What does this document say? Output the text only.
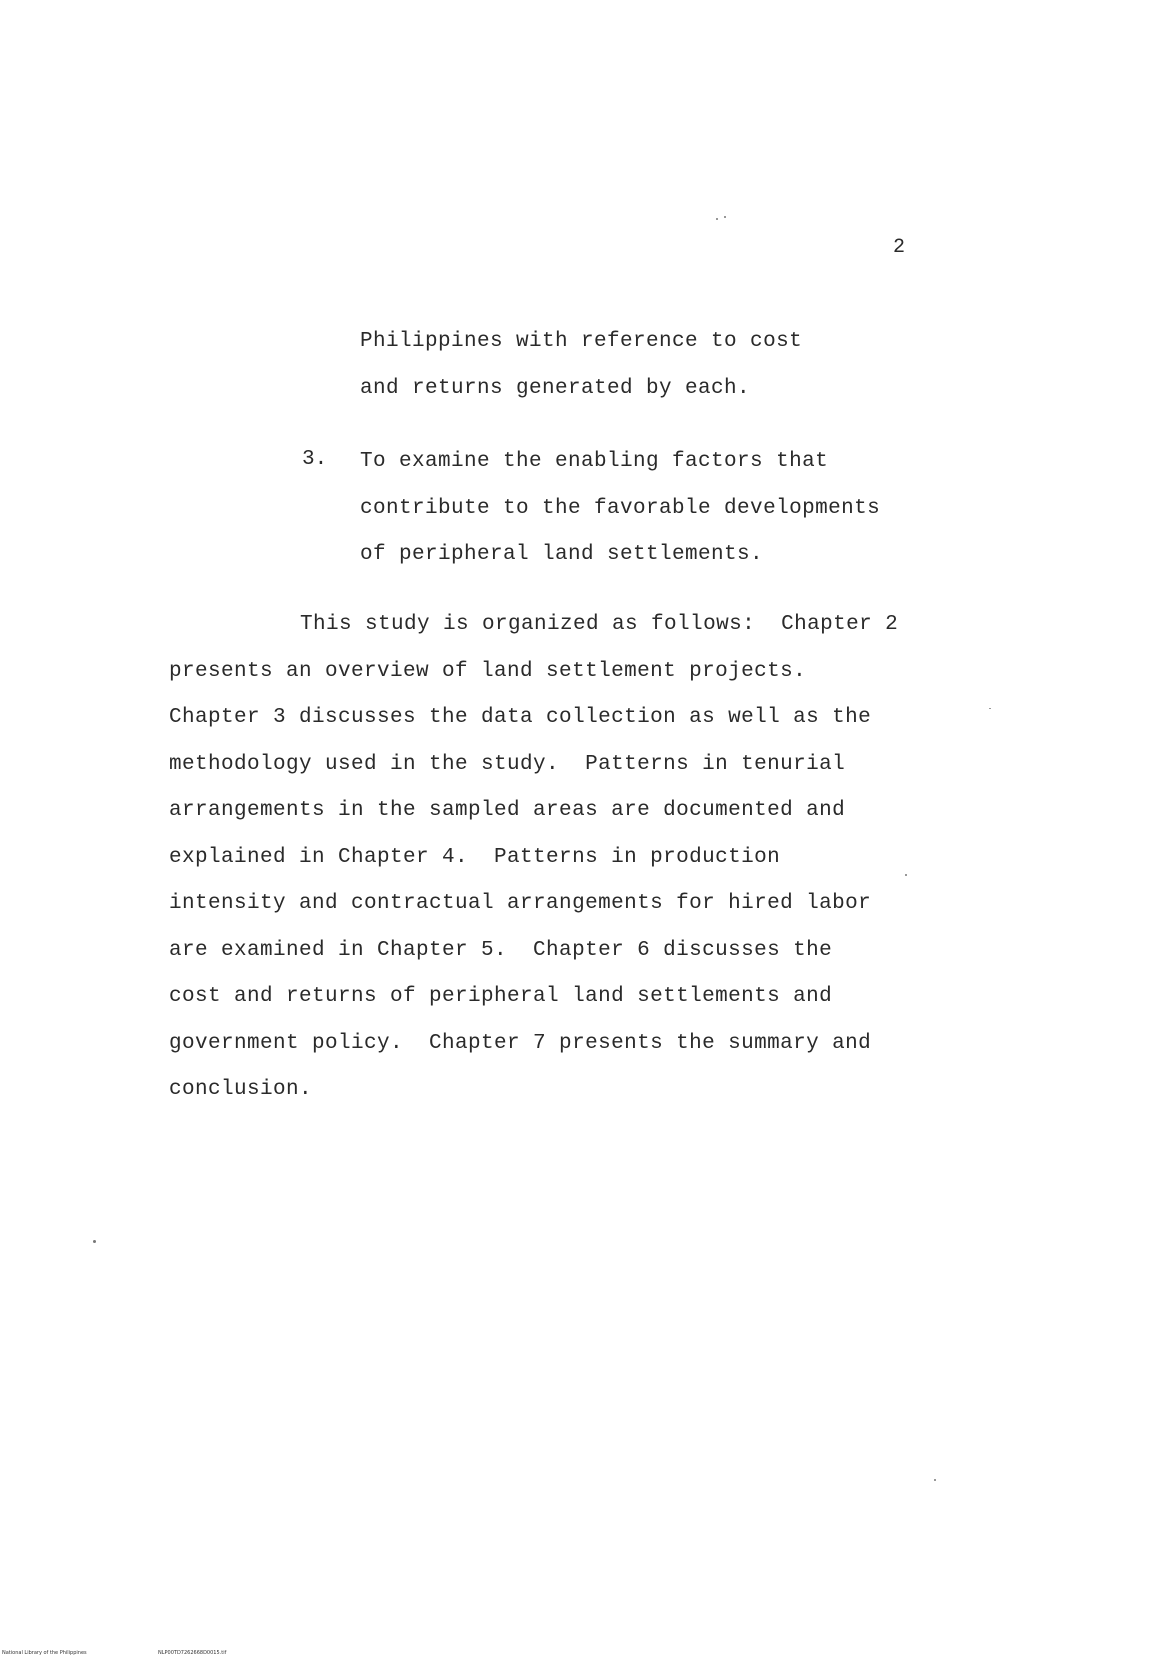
2
Philippines with reference to cost
and returns generated by each.
3. To examine the enabling factors that
contribute to the favorable developments
of peripheral land settlements.
This study is organized as follows:  Chapter 2
presents an overview of land settlement projects.
Chapter 3 discusses the data collection as well as the
methodology used in the study.  Patterns in tenurial
arrangements in the sampled areas are documented and
explained in Chapter 4.  Patterns in production
intensity and contractual arrangements for hired labor
are examined in Chapter 5.  Chapter 6 discusses the
cost and returns of peripheral land settlements and
government policy.  Chapter 7 presents the summary and
conclusion.
National Library of the Philippines	NLP00TD7262668D0015.tif
